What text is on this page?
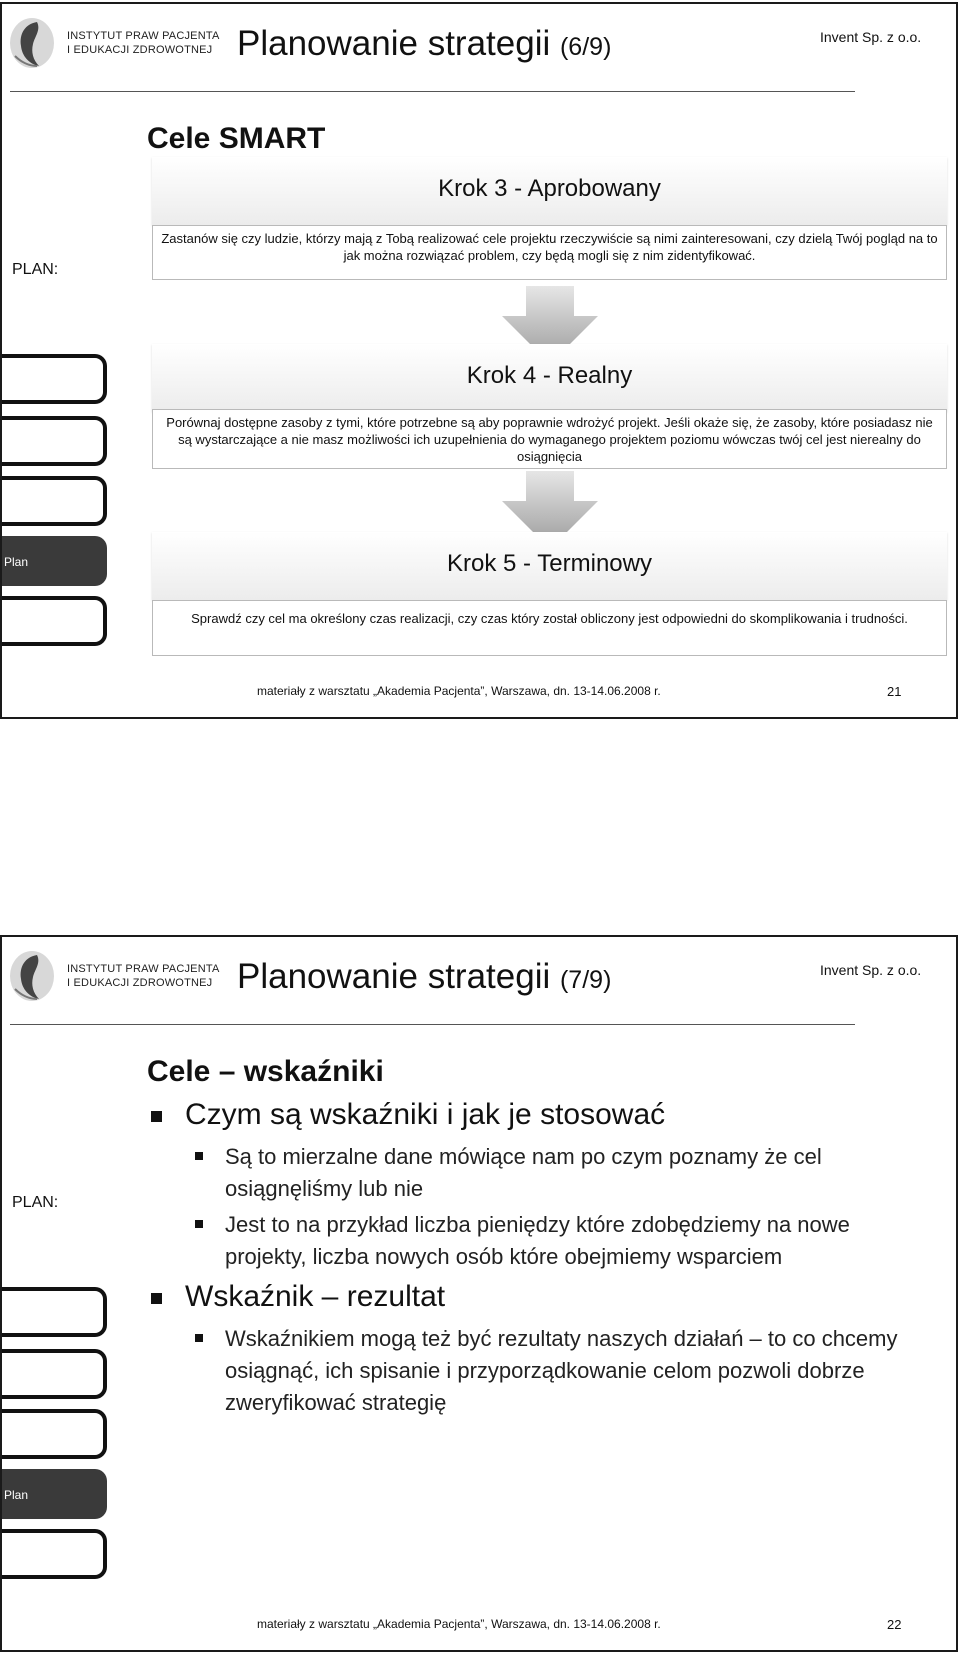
INSTYTUT PRAW PACJENTA
I EDUKACJI ZDROWOTNEJ Planowanie strategii (6/9)	Invent Sp. z o.o.
PLAN:
Plan
Cele SMART
Krok 3 - Aprobowany
Zastanów się czy ludzie, którzy mają z Tobą realizować cele projektu rzeczywiście są nimi zainteresowani, czy dzielą Twój pogląd na to jak można rozwiązać problem, czy będą mogli się z nim zidentyfikować.
Krok 4 - Realny
Porównaj dostępne zasoby z tymi, które potrzebne są aby poprawnie wdrożyć projekt. Jeśli okaże się, że zasoby, które posiadasz nie są wystarczające a nie masz możliwości ich uzupełnienia do wymaganego projektem poziomu wówczas twój cel jest nierealny do osiągnięcia
Krok 5 - Terminowy
Sprawdź czy cel ma określony czas realizacji, czy czas który został obliczony jest odpowiedni do skomplikowania i trudności.
materiały z warsztatu „Akademia Pacjenta”, Warszawa, dn. 13-14.06.2008 r.	21
INSTYTUT PRAW PACJENTA
I EDUKACJI ZDROWOTNEJ Planowanie strategii (7/9)	Invent Sp. z o.o.
PLAN:
Plan
Cele – wskaźniki
Czym są wskaźniki i jak je stosować
Są to mierzalne dane mówiące nam po czym poznamy że cel osiągnęliśmy lub nie
Jest to na przykład liczba pieniędzy które zdobędziemy na nowe projekty, liczba nowych osób które obejmiemy wsparciem
Wskaźnik – rezultat
Wskaźnikiem mogą też być rezultaty naszych działań – to co chcemy osiągnąć, ich spisanie i przyporządkowanie celom pozwoli dobrze zweryfikować strategię
materiały z warsztatu „Akademia Pacjenta”, Warszawa, dn. 13-14.06.2008 r.	22
